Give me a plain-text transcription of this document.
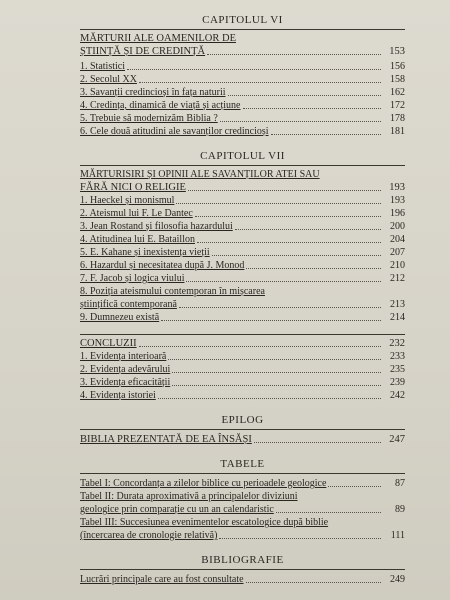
CAPITOLUL VI
MĂRTURII ALE OAMENILOR DE
ȘTIINȚĂ ȘI DE CREDINȚĂ	153
1. Statistici	156
2. Secolul XX	158
3. Savanții credincioși în fața naturii	162
4. Credința, dinamică de viață și acțiune	172
5. Trebuie să modernizăm Biblia ?	178
6. Cele două atitudini ale savanților credincioși	181
CAPITOLUL VII
MĂRTURISIRI ȘI OPINII ALE SAVANȚILOR ATEI SAU
FĂRĂ NICI O RELIGIE	193
1. Haeckel și monismul	193
2. Ateismul lui F. Le Dantec	196
3. Jean Rostand și filosofia hazardului	200
4. Atitudinea lui E. Bataillon	204
5. E. Kahane și inexistența vieții	207
6. Hazardul și necesitatea după J. Monod	210
7. F. Jacob și logica viului	212
8. Poziția ateismului contemporan în mișcarea
științifică contemporană	213
9. Dumnezeu există	214
CONCLUZII	232
1. Evidența interioară	233
2. Evidența adevărului	235
3. Evidența eficacității	239
4. Evidența istoriei	242
EPILOG
BIBLIA PREZENTATĂ DE EA ÎNSĂȘI	247
TABELE
Tabel I: Concordanța a zilelor biblice cu perioadele geologice	87
Tabel II: Durata aproximativă a principalelor diviziuni
geologice prin comparație cu un an calendaristic	89
Tabel III: Succesiunea evenimentelor escatologice după biblie
(încercarea de cronologie relativă)	111
BIBLIOGRAFIE
Lucrări principale care au fost consultate	249
